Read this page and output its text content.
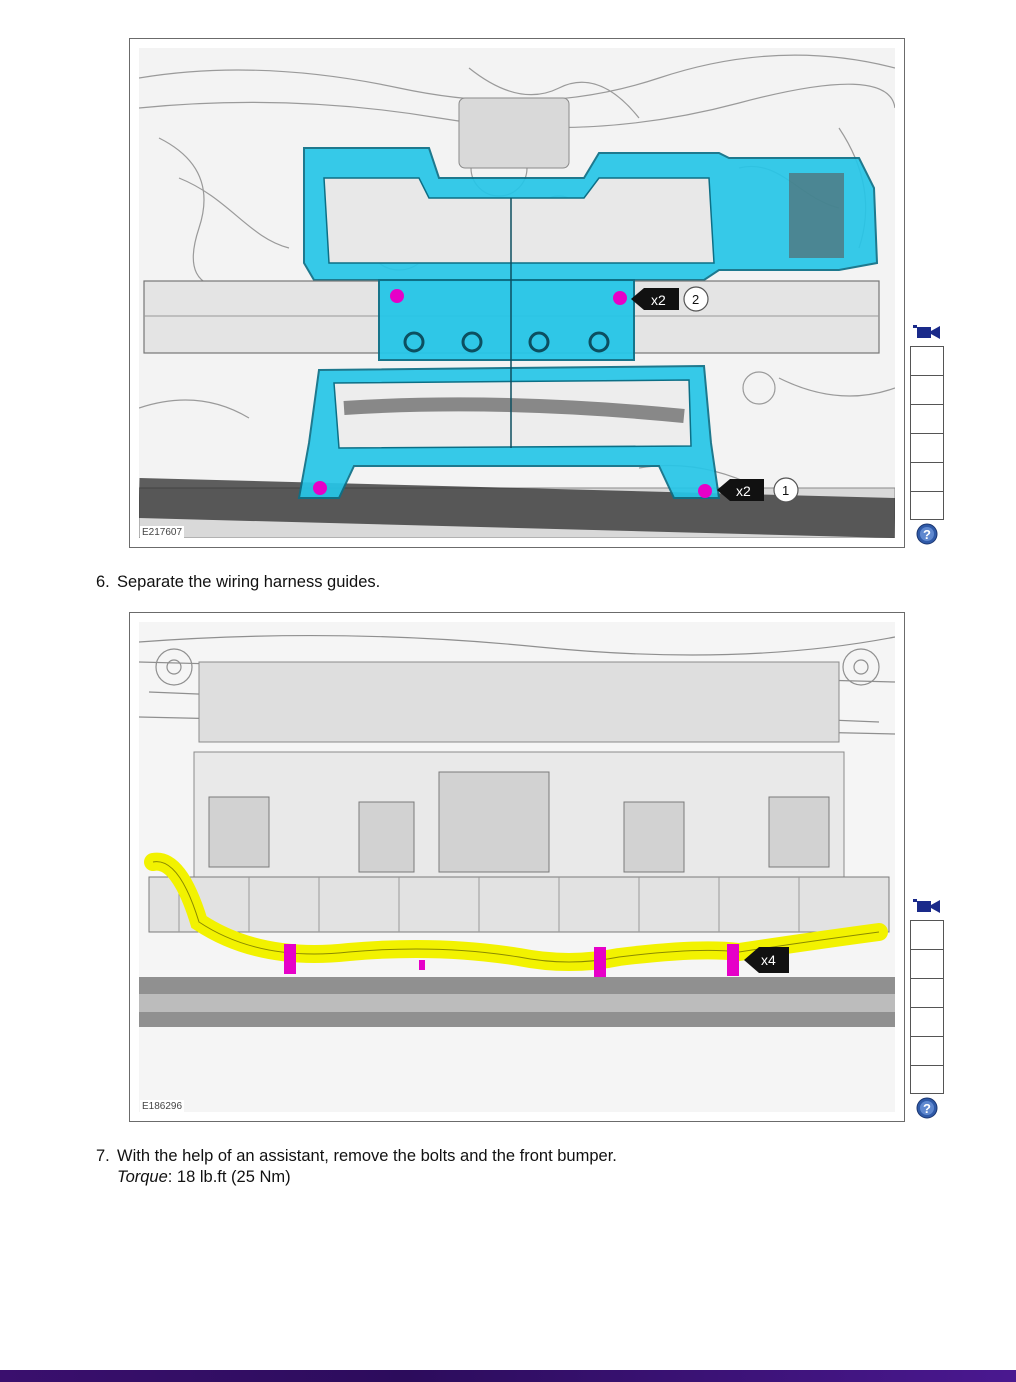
x2 2
x2 1
E217607	?
6. Separate the wiring harness guides.
x4
E186296	?
7. With the help of an assistant, remove the bolts and the front bumper.
Torque: 18 lb.ft (25 Nm)
